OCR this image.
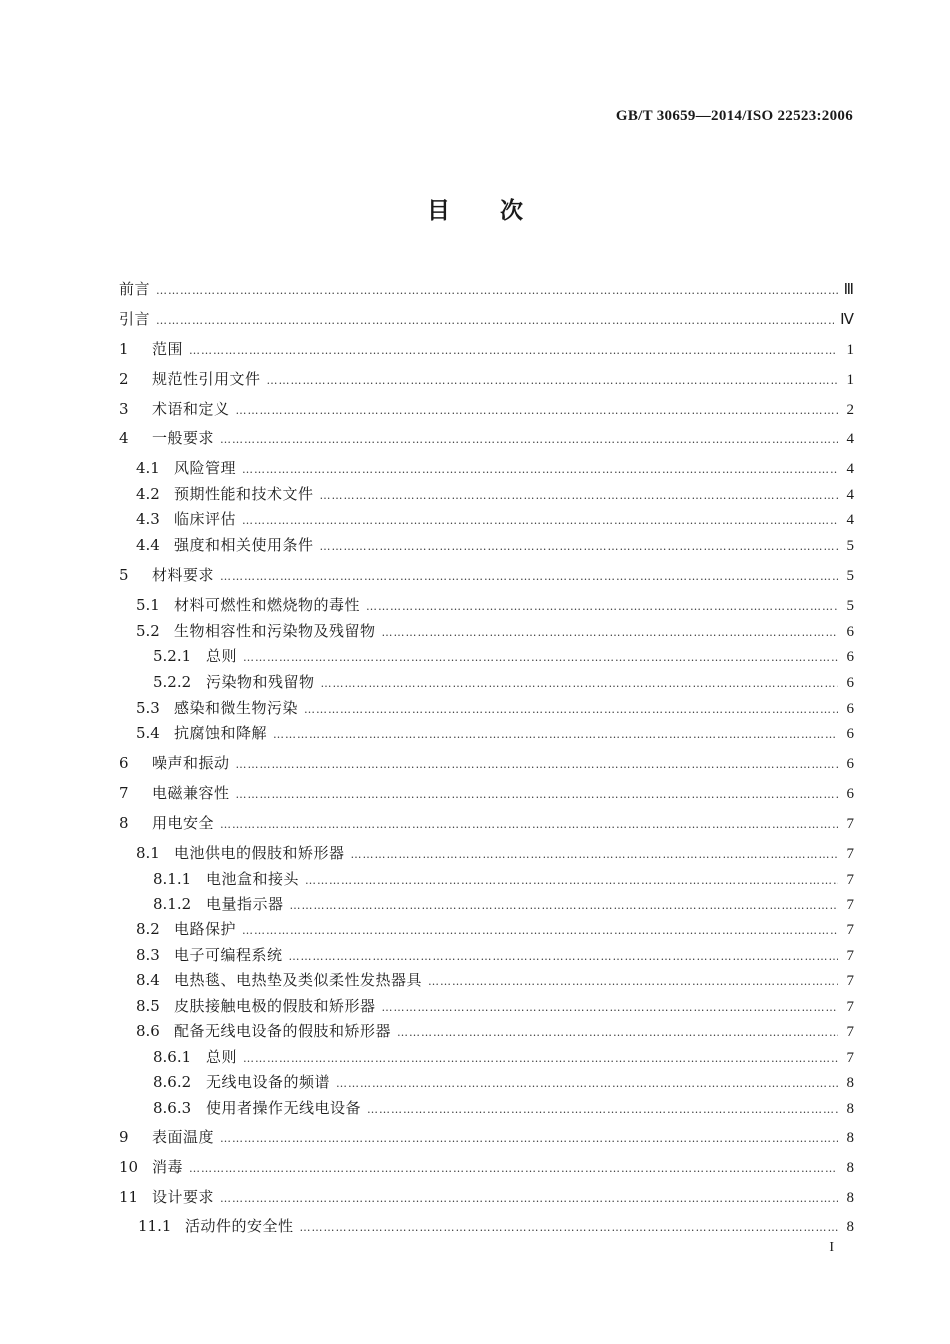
GB/T 30659—2014/ISO 22523:2006
目次
前言 ……………………………………………………………………………………………………………………………………………………………………	Ⅲ
引言 ……………………………………………………………………………………………………………………………………………………………………	Ⅳ
1	范围 ……………………………………………………………………………………………………………………………………………………………………	1
2	规范性引用文件 ……………………………………………………………………………………………………………………………………………………………………	1
3	术语和定义 ……………………………………………………………………………………………………………………………………………………………………	2
4	一般要求 ……………………………………………………………………………………………………………………………………………………………………	4
4.1 风险管理 ……………………………………………………………………………………………………………………………………………………………………	4
4.2 预期性能和技术文件 ……………………………………………………………………………………………………………………………………………………………………	4
4.3 临床评估 ……………………………………………………………………………………………………………………………………………………………………	4
4.4 强度和相关使用条件 ……………………………………………………………………………………………………………………………………………………………………	5
5	材料要求 ……………………………………………………………………………………………………………………………………………………………………	5
5.1 材料可燃性和燃烧物的毒性 ……………………………………………………………………………………………………………………………………………………………………	5
5.2 生物相容性和污染物及残留物 ……………………………………………………………………………………………………………………………………………………………………	6
5.2.1 总则 ……………………………………………………………………………………………………………………………………………………………………	6
5.2.2 污染物和残留物 ……………………………………………………………………………………………………………………………………………………………………	6
5.3 感染和微生物污染 ……………………………………………………………………………………………………………………………………………………………………	6
5.4 抗腐蚀和降解 ……………………………………………………………………………………………………………………………………………………………………	6
6	噪声和振动 ……………………………………………………………………………………………………………………………………………………………………	6
7	电磁兼容性 ……………………………………………………………………………………………………………………………………………………………………	6
8	用电安全 ……………………………………………………………………………………………………………………………………………………………………	7
8.1 电池供电的假肢和矫形器 ……………………………………………………………………………………………………………………………………………………………………	7
8.1.1 电池盒和接头 ……………………………………………………………………………………………………………………………………………………………………	7
8.1.2 电量指示器 ……………………………………………………………………………………………………………………………………………………………………	7
8.2 电路保护 ……………………………………………………………………………………………………………………………………………………………………	7
8.3 电子可编程系统 ……………………………………………………………………………………………………………………………………………………………………	7
8.4 电热毯、电热垫及类似柔性发热器具 ……………………………………………………………………………………………………………………………………………………………………	7
8.5 皮肤接触电极的假肢和矫形器 ……………………………………………………………………………………………………………………………………………………………………	7
8.6 配备无线电设备的假肢和矫形器 ……………………………………………………………………………………………………………………………………………………………………	7
8.6.1 总则 ……………………………………………………………………………………………………………………………………………………………………	7
8.6.2 无线电设备的频谱 ……………………………………………………………………………………………………………………………………………………………………	8
8.6.3 使用者操作无线电设备 ……………………………………………………………………………………………………………………………………………………………………	8
9	表面温度 ……………………………………………………………………………………………………………………………………………………………………	8
10 消毒 ……………………………………………………………………………………………………………………………………………………………………	8
11 设计要求 ……………………………………………………………………………………………………………………………………………………………………	8
11.1 活动件的安全性 ……………………………………………………………………………………………………………………………………………………………………	8
I
